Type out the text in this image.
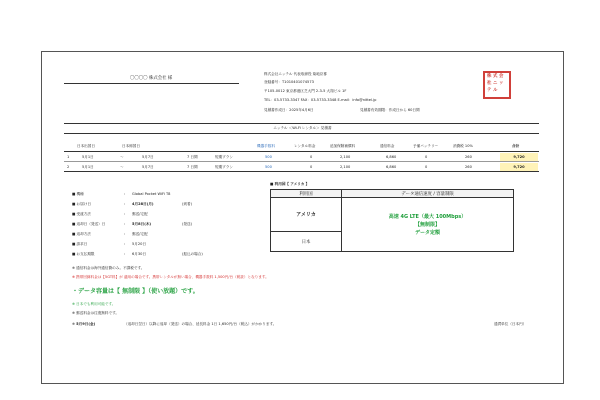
〇〇〇〇 株式会社 様
株式会社ニッテル 代表取締役 菊地臣都
登録番号：T1010401074573
〒105-0012 東京都港区芝大門 2-3-5 大翔ビル 1F
TEL：03-5733-3347 FAX：03-5733-3348 E-mail：info@nittel.jp
見積書作成日：2025年4月6日	見積書有効期限：作成日から 60日間
株 式 会
社 ニ ッ
テ ル
ニッテル ＜Wi-Fi レンタル＞ 見積書
日本出国日	日本帰国日	機器手数料	レンタル料金	追加保険補償料	通信料金	予備バッテリー	消費税 10%	合計
1	5月1日	〜	5月7日	7 日間	短期プラン	500	0	2,100	6,860	0	260	9,720
2	5月1日	〜	5月7日	7 日間	短期プラン	500	0	2,100	6,860	0	260	9,720
■ 機種	: Global Pocket WiFi T8
■ お届け日	: 4月28日(月)	(到着)
■ 受渡方法	: 郵送/宅配
■ 返却日（発送）日	: 5月8日(木)	(発送)
■ 返却方法	: 郵送/宅配
■ 請求日	: 5月20日
■ お支払期限	: 6月30日	(振込の場合)
■ 利用国【 アメリカ 】
利用国	データ通信速度 / 容量制限
アメリカ	高速 4G LTE（最大 100Mbps）
【無制限】
データ定額

日本	
※ 通信料金は海外通信費のみ。不課税です。
※ 携帯回線料金は【5GT料】が 適用の場合です。携帯レンタルが無い場合、機器手数料 1,500円/台（税抜）となります。
・データ容量は【 無制限 】（使い放題）です。
※ 日本でも利用可能です。
※ 郵送料金は往復無料です。
※ 5月9日(金)	（返却日翌日）以降に返却（発送）の場合、延長料金 1日 1,650円/台（税込）がかかります。	通貨単位（日本円）
